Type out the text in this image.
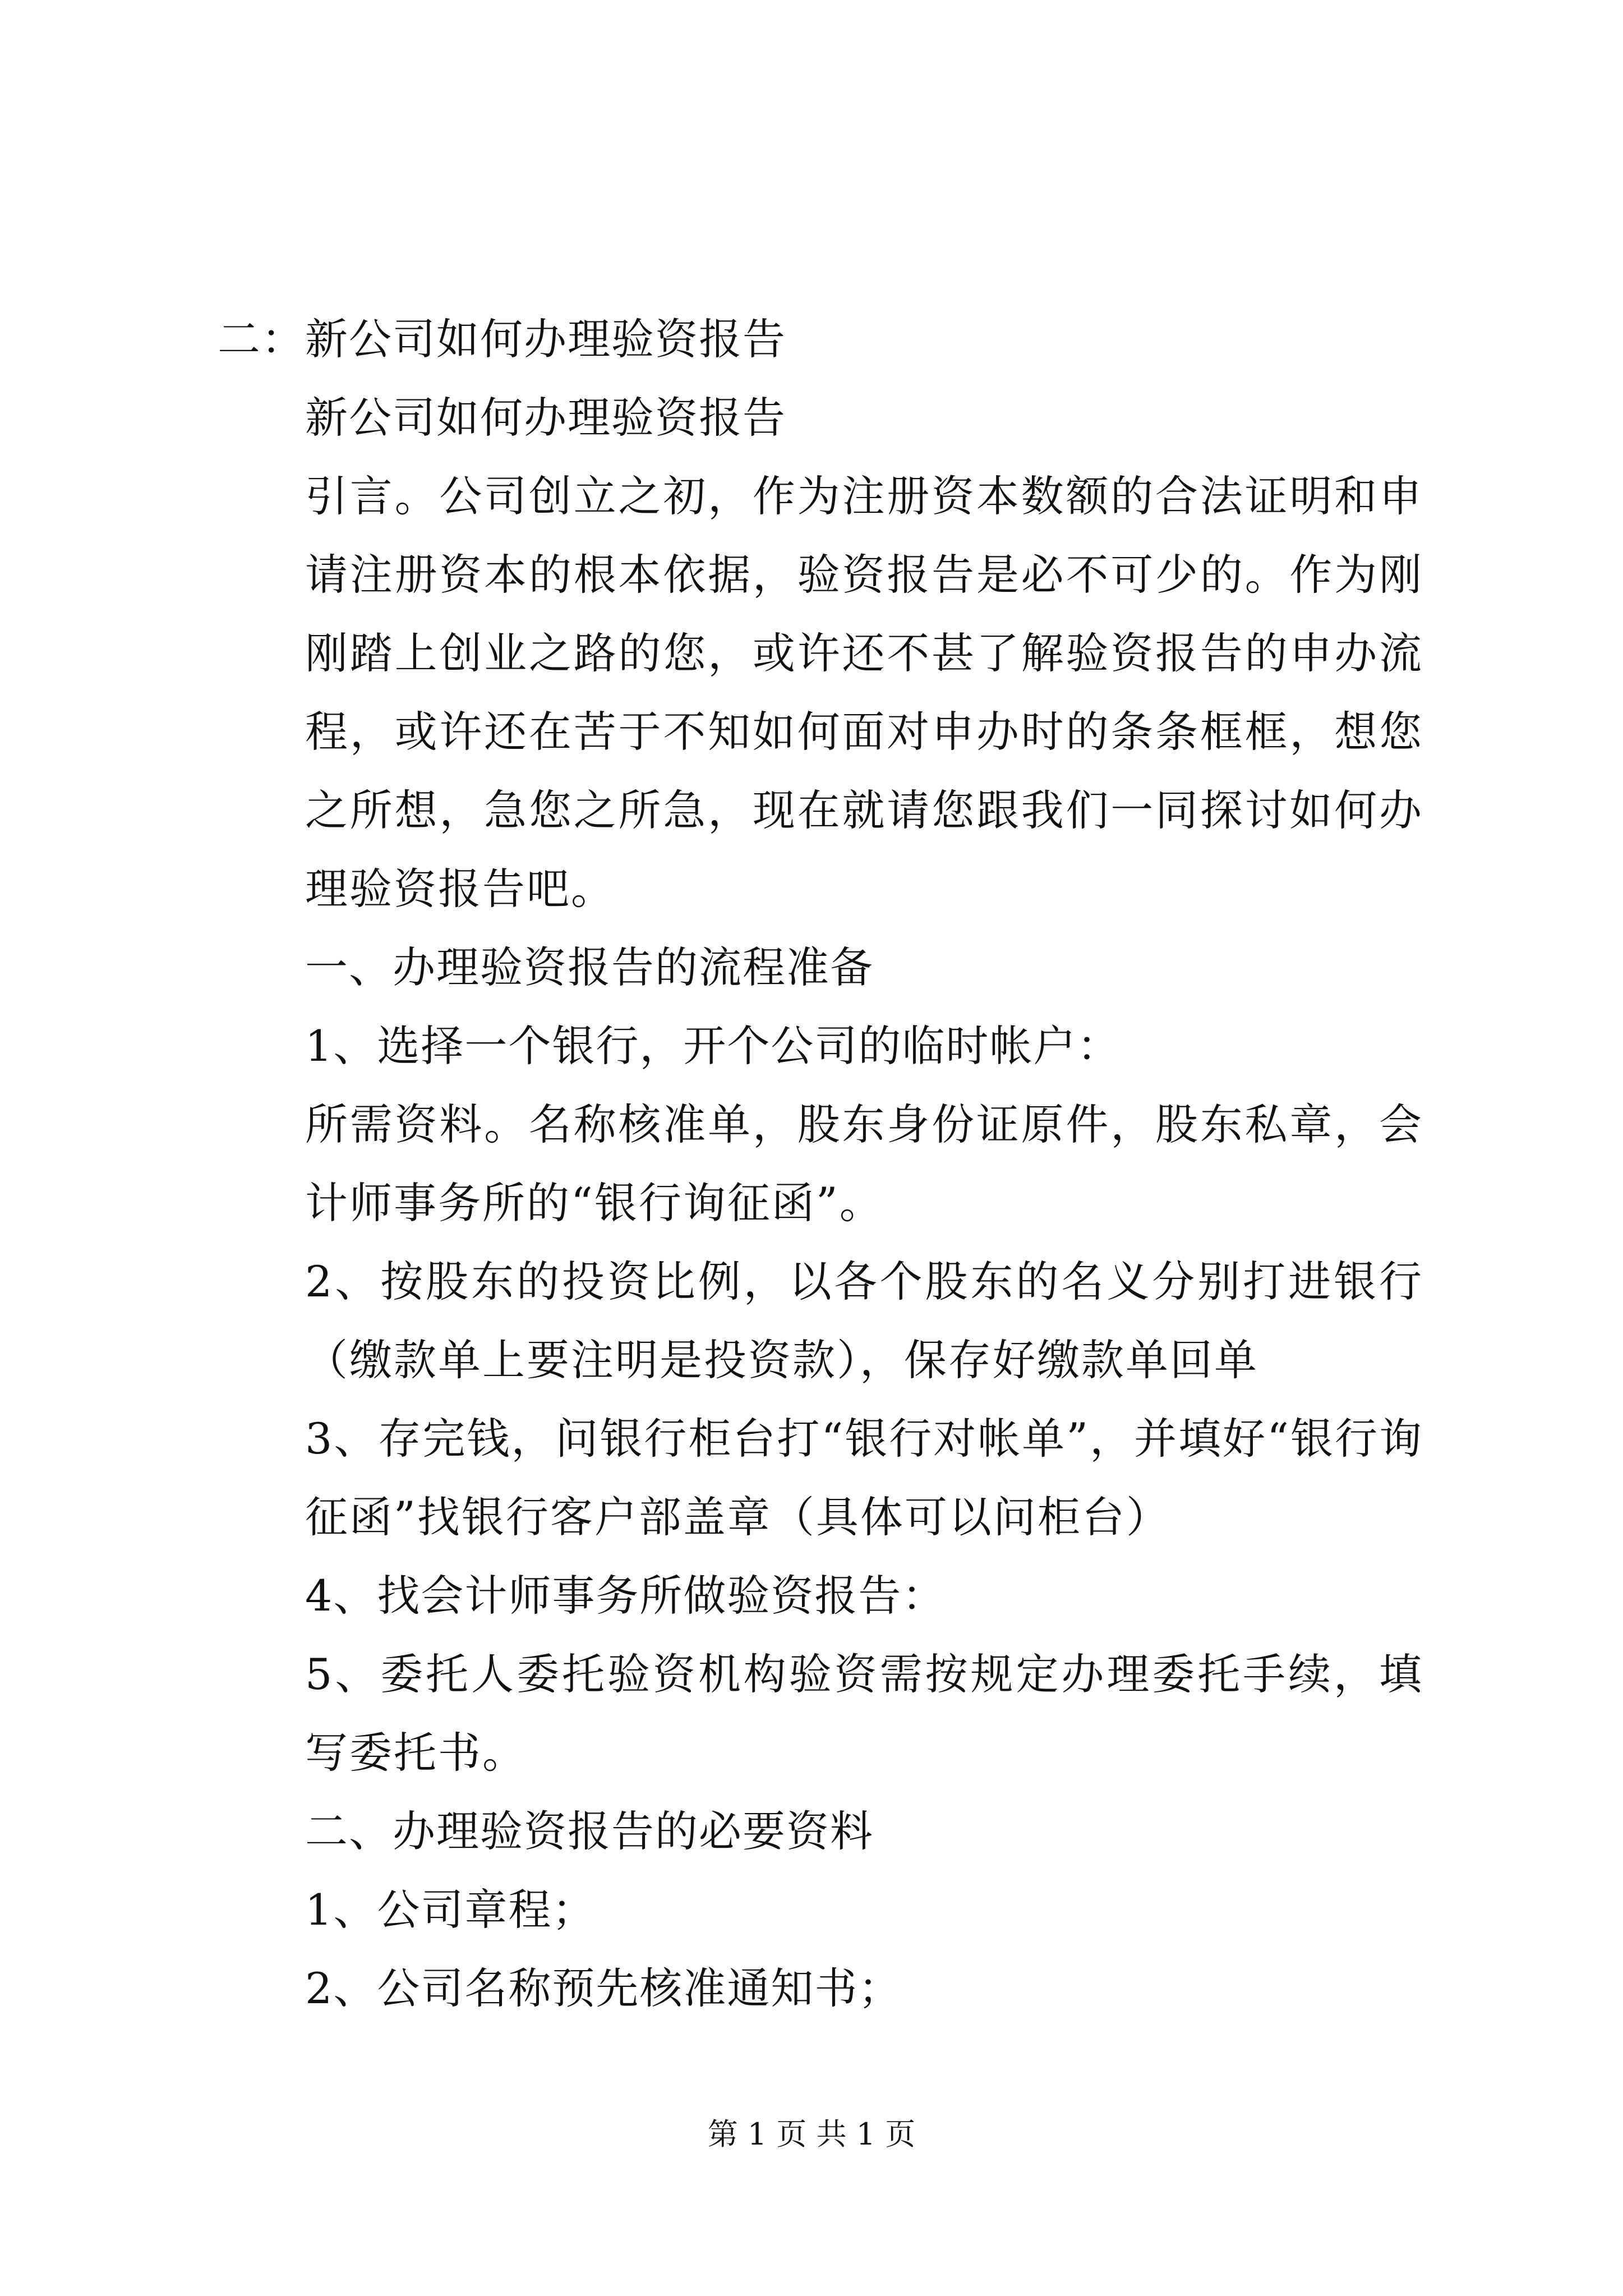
二：新公司如何办理验资报告

新公司如何办理验资报告

引言。公司创立之初，作为注册资本数额的合法证明和申请注册资本的根本依据，验资报告是必不可少的。作为刚刚踏上创业之路的您，或许还不甚了解验资报告的申办流程，或许还在苦于不知如何面对申办时的条条框框，想您之所想，急您之所急，现在就请您跟我们一同探讨如何办理验资报告吧。

一、办理验资报告的流程准备

1、选择一个银行，开个公司的临时帐户：

所需资料。名称核准单，股东身份证原件，股东私章，会计师事务所的“银行询征函”。

2、按股东的投资比例，以各个股东的名义分别打进银行（缴款单上要注明是投资款），保存好缴款单回单

3、存完钱，问银行柜台打“银行对帐单”，并填好“银行询征函”找银行客户部盖章（具体可以问柜台）

4、找会计师事务所做验资报告：

5、委托人委托验资机构验资需按规定办理委托手续，填写委托书。

二、办理验资报告的必要资料

1、公司章程；

2、公司名称预先核准通知书；

第 1 页 共 1 页
